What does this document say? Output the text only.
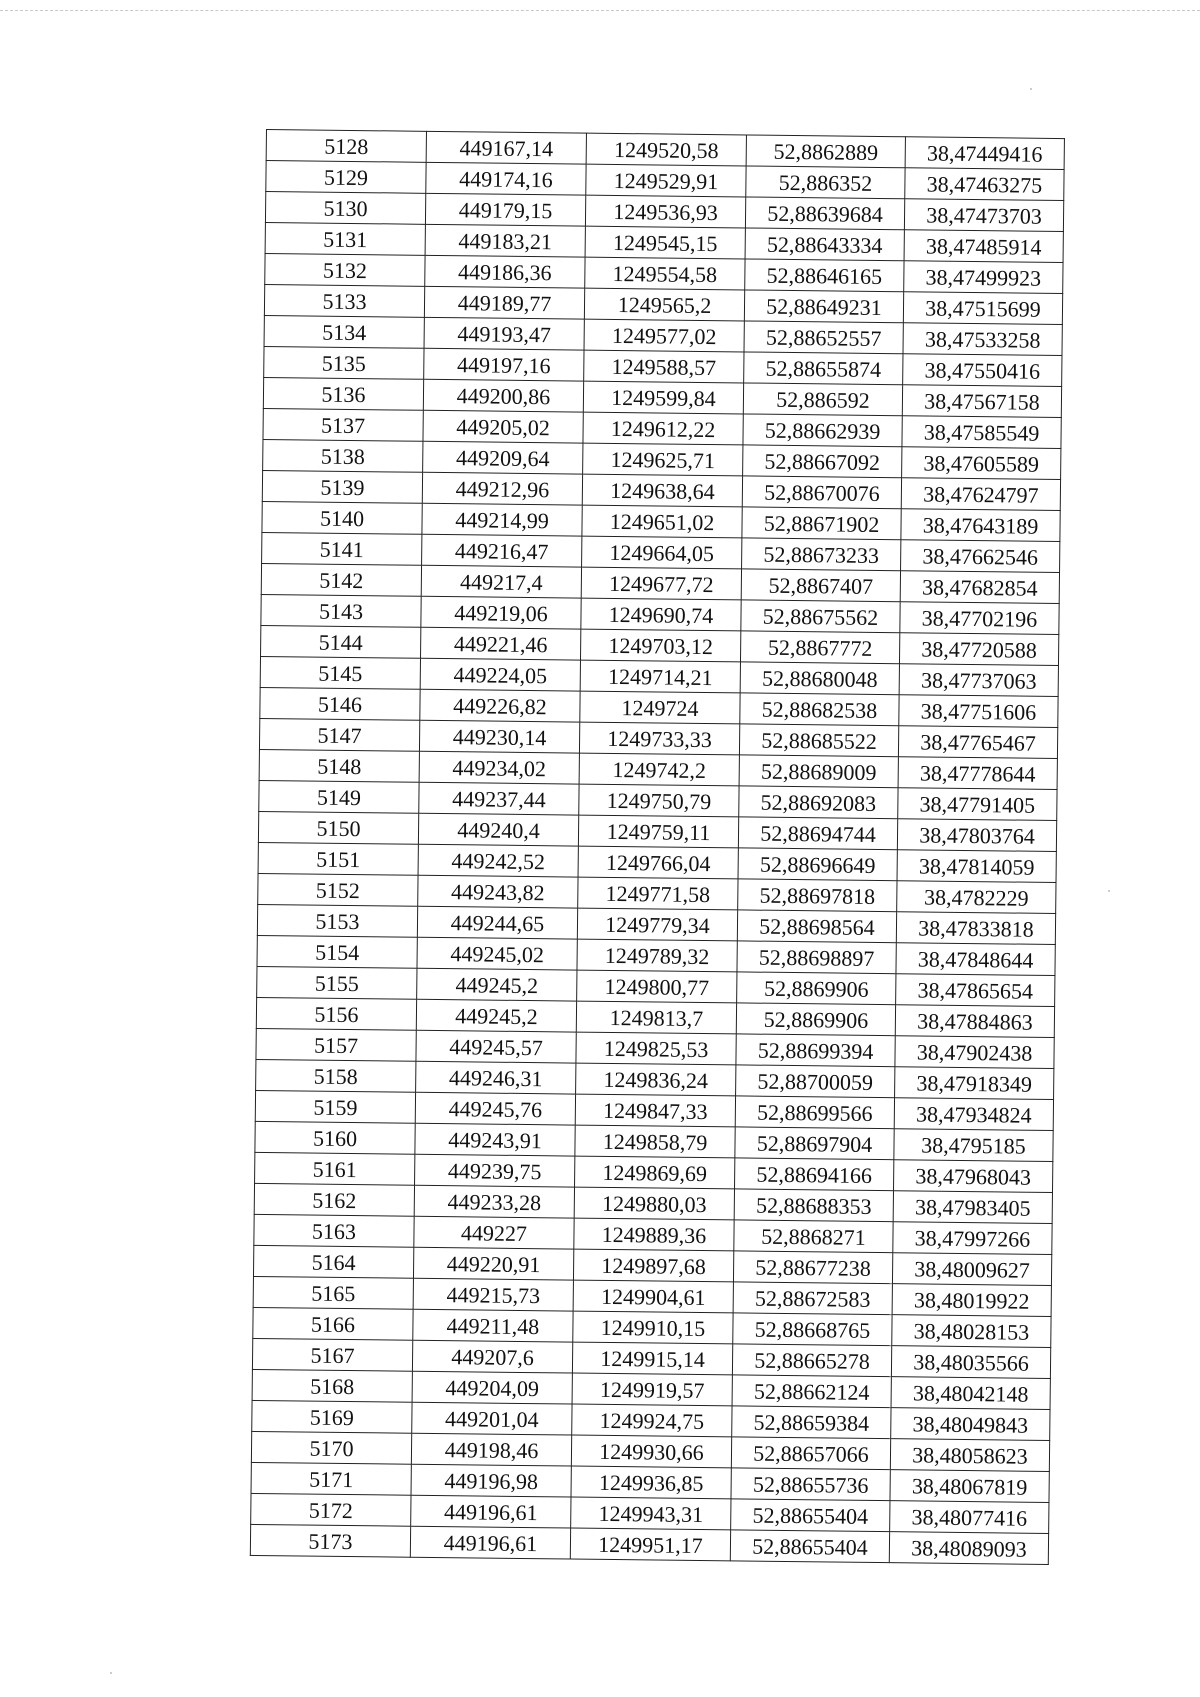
5128	449167,14	1249520,58	52,8862889	38,47449416
5129	449174,16	1249529,91	52,886352	38,47463275
5130	449179,15	1249536,93	52,88639684	38,47473703
5131	449183,21	1249545,15	52,88643334	38,47485914
5132	449186,36	1249554,58	52,88646165	38,47499923
5133	449189,77	1249565,2	52,88649231	38,47515699
5134	449193,47	1249577,02	52,88652557	38,47533258
5135	449197,16	1249588,57	52,88655874	38,47550416
5136	449200,86	1249599,84	52,886592	38,47567158
5137	449205,02	1249612,22	52,88662939	38,47585549
5138	449209,64	1249625,71	52,88667092	38,47605589
5139	449212,96	1249638,64	52,88670076	38,47624797
5140	449214,99	1249651,02	52,88671902	38,47643189
5141	449216,47	1249664,05	52,88673233	38,47662546
5142	449217,4	1249677,72	52,8867407	38,47682854
5143	449219,06	1249690,74	52,88675562	38,47702196
5144	449221,46	1249703,12	52,8867772	38,47720588
5145	449224,05	1249714,21	52,88680048	38,47737063
5146	449226,82	1249724	52,88682538	38,47751606
5147	449230,14	1249733,33	52,88685522	38,47765467
5148	449234,02	1249742,2	52,88689009	38,47778644
5149	449237,44	1249750,79	52,88692083	38,47791405
5150	449240,4	1249759,11	52,88694744	38,47803764
5151	449242,52	1249766,04	52,88696649	38,47814059
5152	449243,82	1249771,58	52,88697818	38,4782229
5153	449244,65	1249779,34	52,88698564	38,47833818
5154	449245,02	1249789,32	52,88698897	38,47848644
5155	449245,2	1249800,77	52,8869906	38,47865654
5156	449245,2	1249813,7	52,8869906	38,47884863
5157	449245,57	1249825,53	52,88699394	38,47902438
5158	449246,31	1249836,24	52,88700059	38,47918349
5159	449245,76	1249847,33	52,88699566	38,47934824
5160	449243,91	1249858,79	52,88697904	38,4795185
5161	449239,75	1249869,69	52,88694166	38,47968043
5162	449233,28	1249880,03	52,88688353	38,47983405
5163	449227	1249889,36	52,8868271	38,47997266
5164	449220,91	1249897,68	52,88677238	38,48009627
5165	449215,73	1249904,61	52,88672583	38,48019922
5166	449211,48	1249910,15	52,88668765	38,48028153
5167	449207,6	1249915,14	52,88665278	38,48035566
5168	449204,09	1249919,57	52,88662124	38,48042148
5169	449201,04	1249924,75	52,88659384	38,48049843
5170	449198,46	1249930,66	52,88657066	38,48058623
5171	449196,98	1249936,85	52,88655736	38,48067819
5172	449196,61	1249943,31	52,88655404	38,48077416
5173	449196,61	1249951,17	52,88655404	38,48089093
